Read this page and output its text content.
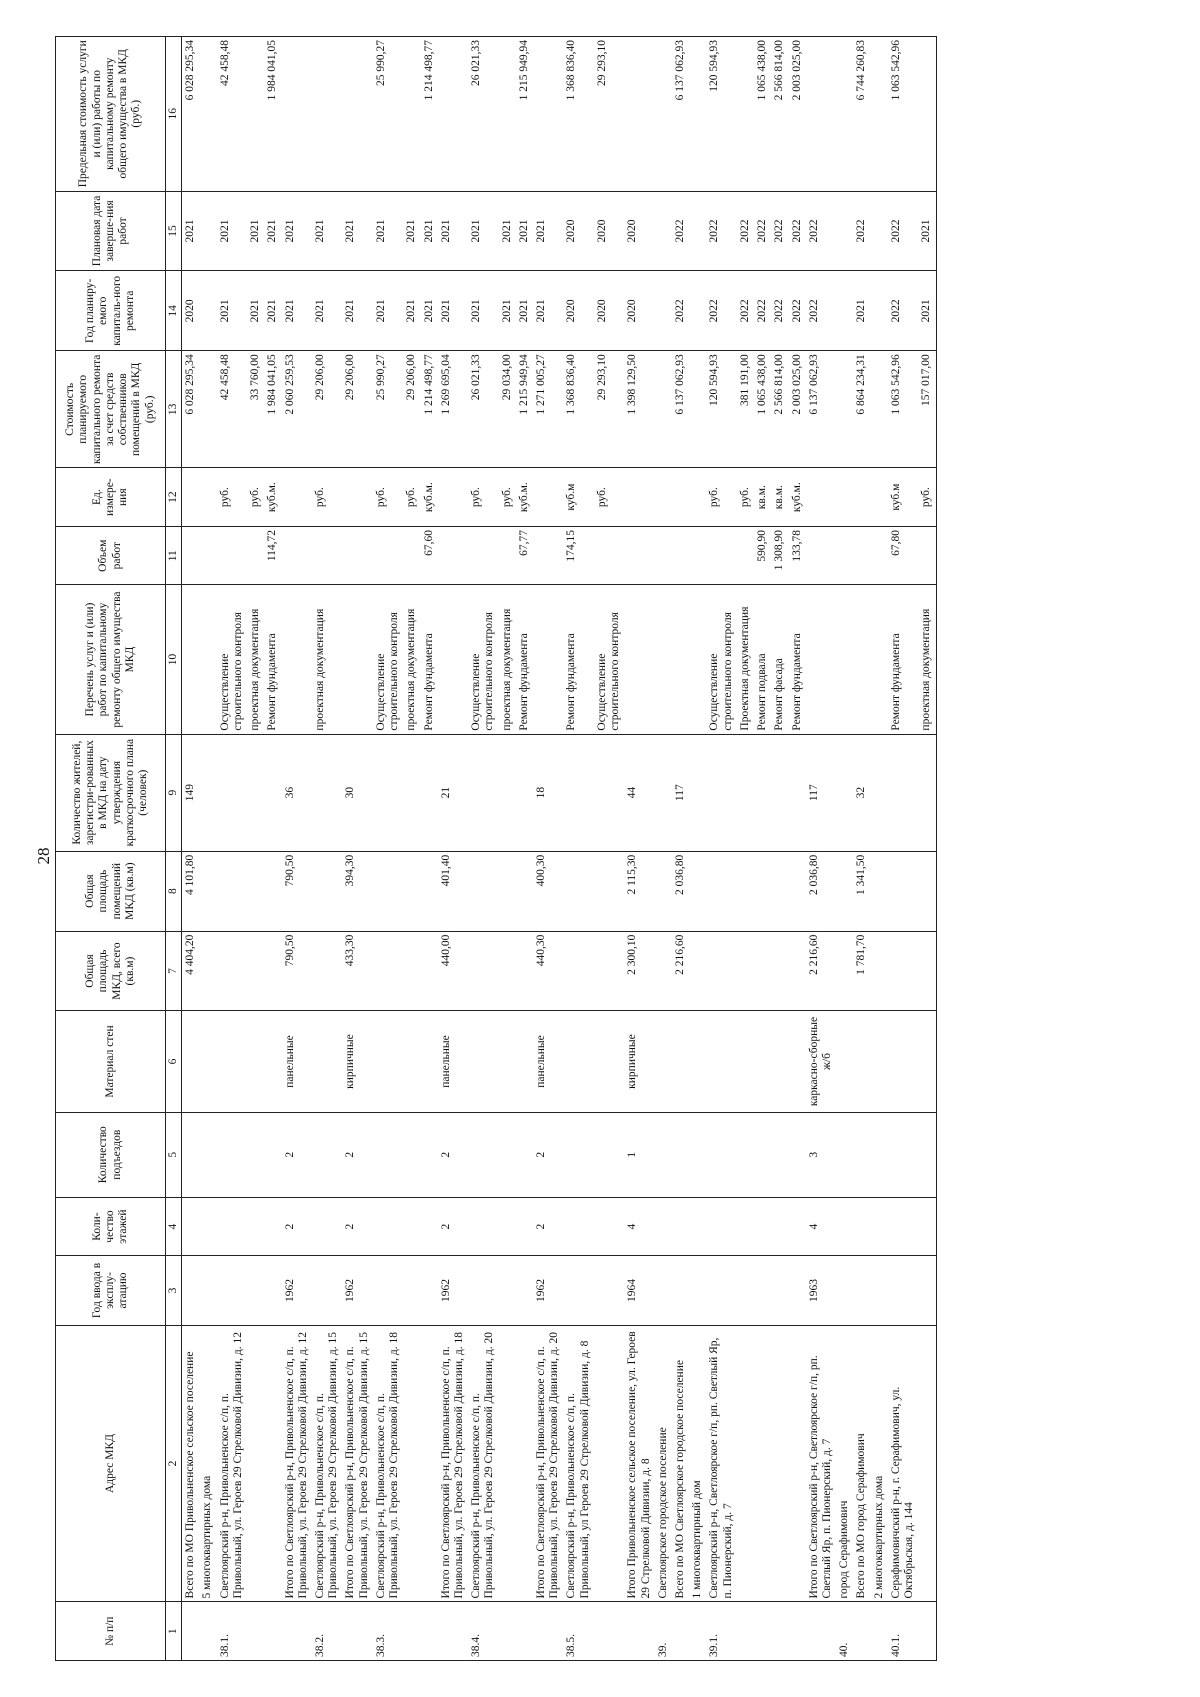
28
№ п/п	Адрес МКД	Год ввода в эксплу-атацию	Коли-чество этажей	Количество подъездов	Материал стен	Общая площадь МКД, всего (кв.м)	Общая площадь помещений МКД (кв.м)	Количество жителей, зарегистри-рованных в МКД на дату утверждения краткосрочного плана (человек)	Перечень услуг и (или) работ по капитальному ремонту общего имущества МКД	Объем работ	Ед. измере-ния	Стоимость планируемого капитального ремонта за счет средств собственников помещений в МКД (руб.)	Год планиру-емого капиталь-ного ремонта	Плановая дата заверше-ния работ	Предельная стоимость услуги и (или) работы по капитальному ремонту общего имущества в МКД (руб.)
1	2	3	4	5	6	7	8	9	10	11	12	13	14	15	16
	Всего по МО Привольненское сельское поселение					4 404,20	4 101,80	149				6 028 295,34	2020	2021	6 028 295,34
	5 многоквартирных дома														
38.1.	Светлоярский р-н, Привольненское с/п, п. Привольный, ул. Героев 29 Стрелковой Дивизии, д. 12								Осуществление строительного контроля		руб.	42 458,48	2021	2021	42 458,48
									проектная документация		руб.	33 760,00	2021	2021	
									Ремонт фундамента	114,72	куб.м.	1 984 041,05	2021	2021	1 984 041,05
	Итого по Светлоярский р-н, Привольненское с/п, п. Привольный, ул. Героев 29 Стрелковой Дивизии, д. 12	1962	2	2	панельные	790,50	790,50	36				2 060 259,53	2021	2021	
38.2.	Светлоярский р-н, Привольненское с/п, п. Привольный, ул. Героев 29 Стрелковой Дивизии, д. 15								проектная документация		руб.	29 206,00	2021	2021	
	Итого по Светлоярский р-н, Привольненское с/п, п. Привольный, ул. Героев 29 Стрелковой Дивизии, д. 15	1962	2	2	кирпичные	433,30	394,30	30				29 206,00	2021	2021	
38.3.	Светлоярский р-н, Привольненское с/п, п. Привольный, ул. Героев 29 Стрелковой Дивизии, д. 18								Осуществление строительного контроля		руб.	25 990,27	2021	2021	25 990,27
									проектная документация		руб.	29 206,00	2021	2021	
									Ремонт фундамента	67,60	куб.м.	1 214 498,77	2021	2021	1 214 498,77
	Итого по Светлоярский р-н, Привольненское с/п, п. Привольный, ул. Героев 29 Стрелковой Дивизии, д. 18	1962	2	2	панельные	440,00	401,40	21				1 269 695,04	2021	2021	
38.4.	Светлоярский р-н, Привольненское с/п, п. Привольный, ул. Героев 29 Стрелковой Дивизии, д. 20								Осуществление строительного контроля		руб.	26 021,33	2021	2021	26 021,33
									проектная документация		руб.	29 034,00	2021	2021	
									Ремонт фундамента	67,77	куб.м.	1 215 949,94	2021	2021	1 215 949,94
	Итого по Светлоярский р-н, Привольненское с/п, п. Привольный, ул. Героев 29 Стрелковой Дивизии, д. 20	1962	2	2	панельные	440,30	400,30	18				1 271 005,27	2021	2021	
38.5.	Светлоярский р-н, Привольненское с/п, п. Привольный, ул Героев 29 Стрелковой Дивизии, д. 8								Ремонт фундамента	174,15	куб.м	1 368 836,40	2020	2020	1 368 836,40
									Осуществление строительного контроля		руб.	29 293,10	2020	2020	29 293,10
	Итого Привольненское сельское поселение, ул. Героев 29 Стрелковой Дивизии, д. 8	1964	4	1	кирпичные	2 300,10	2 115,30	44				1 398 129,50	2020	2020	
39.	Светлоярское городское поселение														
	Всего по МО Светлоярское городское поселение					2 216,60	2 036,80	117				6 137 062,93	2022	2022	6 137 062,93
	1 многоквартирный дом														
39.1.	Светлоярский р-н, Светлоярское г/п, рп. Светлый Яр, п. Пионерский, д. 7								Осуществление строительного контроля		руб.	120 594,93	2022	2022	120 594,93
									Проектная документация		руб.	381 191,00	2022	2022	
									Ремонт подвала	590,90	кв.м.	1 065 438,00	2022	2022	1 065 438,00
									Ремонт фасада	1 308,90	кв.м.	2 566 814,00	2022	2022	2 566 814,00
									Ремонт фундамента	133,78	куб.м.	2 003 025,00	2022	2022	2 003 025,00
	Итого по Светлоярский р-н, Светлоярское г/п, рп. Светлый Яр, п. Пионерский, д. 7	1963	4	3	каркасно-сборные ж/б	2 216,60	2 036,80	117				6 137 062,93	2022	2022	
40.	город Серафимович														
	Всего по МО город Серафимович					1 781,70	1 341,50	32				6 864 234,31	2021	2022	6 744 260,83
	2 многоквартирных дома														
40.1.	Серафимовичский р-н, г. Серафимович, ул. Октябрьская, д. 144								Ремонт фундамента	67,80	куб.м	1 063 542,96	2022	2022	1 063 542,96
									проектная документация		руб.	157 017,00	2021	2021	
